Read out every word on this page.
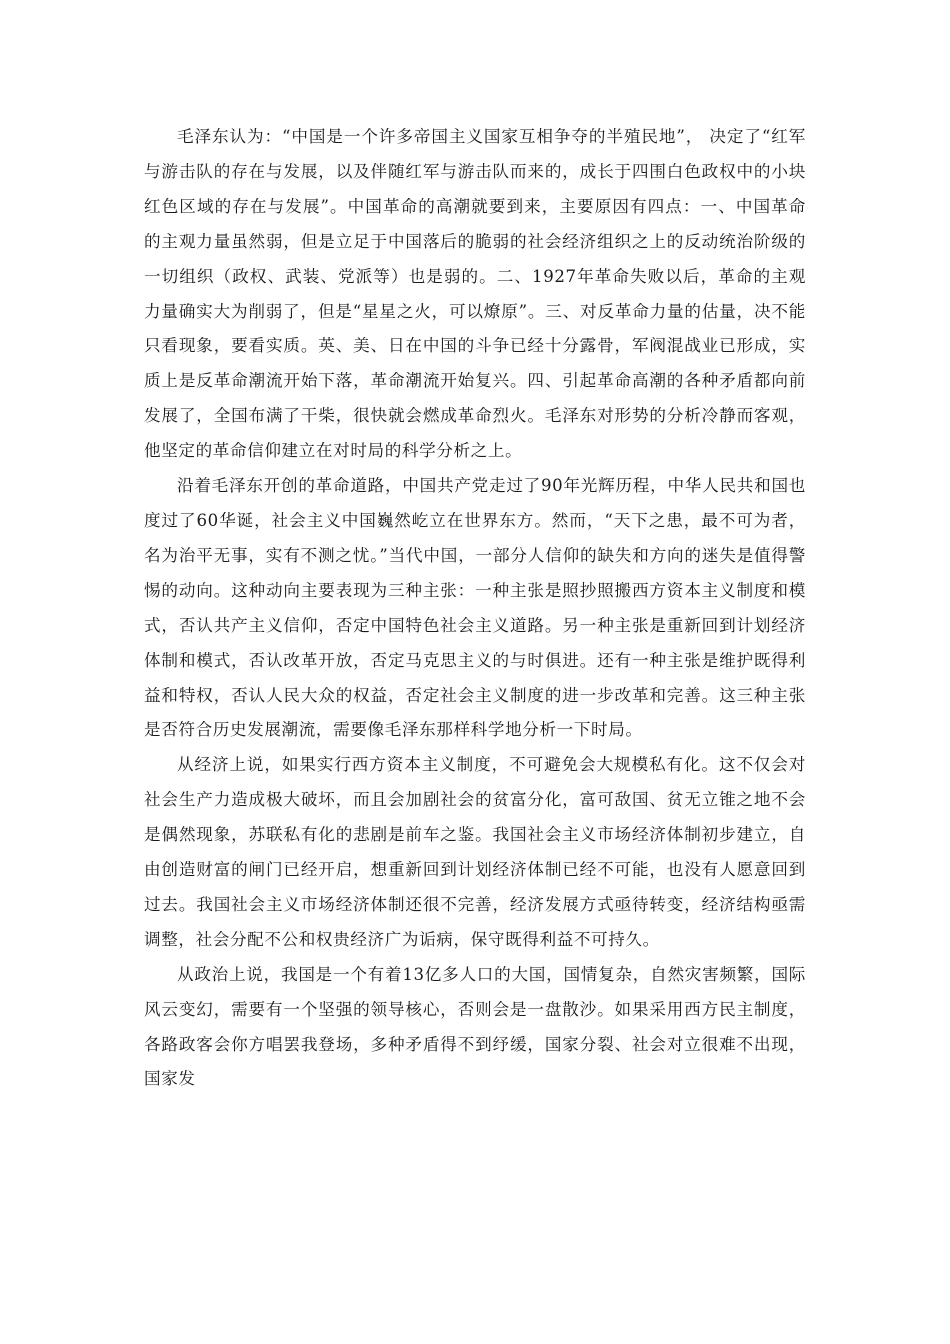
毛泽东认为：“中国是一个许多帝国主义国家互相争夺的半殖民地”， 决定了“红军与游击队的存在与发展，以及伴随红军与游击队而来的，成长于四围白色政权中的小块红色区域的存在与发展”。中国革命的高潮就要到来，主要原因有四点：一、中国革命的主观力量虽然弱，但是立足于中国落后的脆弱的社会经济组织之上的反动统治阶级的一切组织（政权、武装、党派等）也是弱的。二、1927年革命失败以后，革命的主观力量确实大为削弱了，但是“星星之火，可以燎原”。三、对反革命力量的估量，决不能只看现象，要看实质。英、美、日在中国的斗争已经十分露骨，军阀混战业已形成，实质上是反革命潮流开始下落，革命潮流开始复兴。四、引起革命高潮的各种矛盾都向前发展了，全国布满了干柴，很快就会燃成革命烈火。毛泽东对形势的分析冷静而客观，他坚定的革命信仰建立在对时局的科学分析之上。

沿着毛泽东开创的革命道路，中国共产党走过了90年光辉历程，中华人民共和国也度过了60华诞，社会主义中国巍然屹立在世界东方。然而，“天下之患，最不可为者，名为治平无事，实有不测之忧。”当代中国，一部分人信仰的缺失和方向的迷失是值得警惕的动向。这种动向主要表现为三种主张：一种主张是照抄照搬西方资本主义制度和模式，否认共产主义信仰，否定中国特色社会主义道路。另一种主张是重新回到计划经济体制和模式，否认改革开放，否定马克思主义的与时俱进。还有一种主张是维护既得利益和特权，否认人民大众的权益，否定社会主义制度的进一步改革和完善。这三种主张是否符合历史发展潮流，需要像毛泽东那样科学地分析一下时局。

从经济上说，如果实行西方资本主义制度，不可避免会大规模私有化。这不仅会对社会生产力造成极大破坏，而且会加剧社会的贫富分化，富可敌国、贫无立锥之地不会是偶然现象，苏联私有化的悲剧是前车之鉴。我国社会主义市场经济体制初步建立，自由创造财富的闸门已经开启，想重新回到计划经济体制已经不可能，也没有人愿意回到过去。我国社会主义市场经济体制还很不完善，经济发展方式亟待转变，经济结构亟需调整，社会分配不公和权贵经济广为诟病，保守既得利益不可持久。

从政治上说，我国是一个有着13亿多人口的大国，国情复杂，自然灾害频繁，国际风云变幻，需要有一个坚强的领导核心，否则会是一盘散沙。如果采用西方民主制度，各路政客会你方唱罢我登场，多种矛盾得不到纾缓，国家分裂、社会对立很难不出现，国家发
